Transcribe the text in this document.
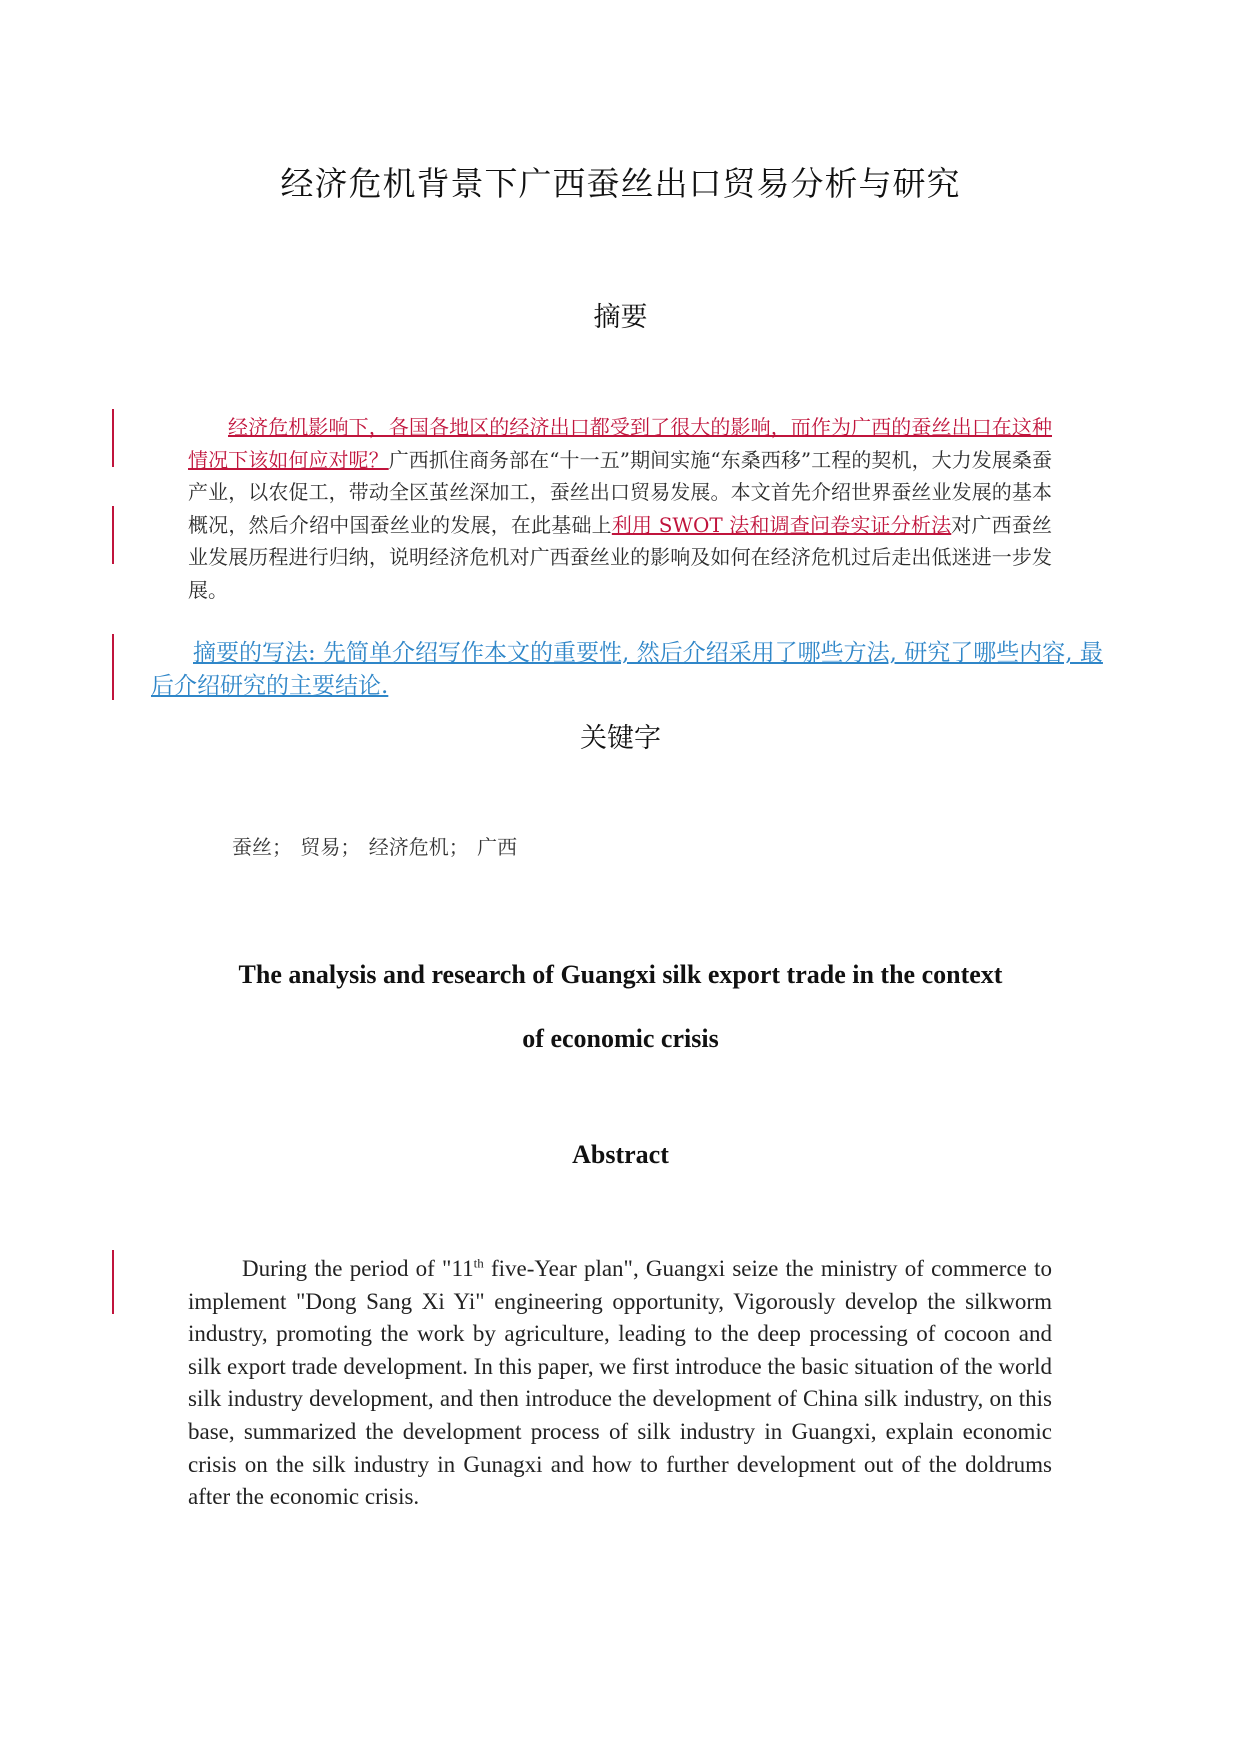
经济危机背景下广西蚕丝出口贸易分析与研究
摘要
经济危机影响下，各国各地区的经济出口都受到了很大的影响，而作为广西的蚕丝出口在这种情况下该如何应对呢？广西抓住商务部在“十一五”期间实施“东桑西移”工程的契机，大力发展桑蚕产业，以农促工，带动全区茧丝深加工，蚕丝出口贸易发展。本文首先介绍世界蚕丝业发展的基本概况，然后介绍中国蚕丝业的发展，在此基础上利用 SWOT 法和调查问卷实证分析法对广西蚕丝业发展历程进行归纳，说明经济危机对广西蚕丝业的影响及如何在经济危机过后走出低迷进一步发展。
摘要的写法: 先简单介绍写作本文的重要性, 然后介绍采用了哪些方法, 研究了哪些内容, 最后介绍研究的主要结论.
关键字
蚕丝； 贸易； 经济危机； 广西
The analysis and research of Guangxi silk export trade in the context
of economic crisis
Abstract
During the period of "11th five-Year plan", Guangxi seize the ministry of commerce to implement "Dong Sang Xi Yi" engineering opportunity, Vigorously develop the silkworm industry, promoting the work by agriculture, leading to the deep processing of cocoon and silk export trade development. In this paper, we first introduce the basic situation of the world silk industry development, and then introduce the development of China silk industry, on this base, summarized the development process of silk industry in Guangxi, explain economic crisis on the silk industry in Gunagxi and how to further development out of the doldrums after the economic crisis.
